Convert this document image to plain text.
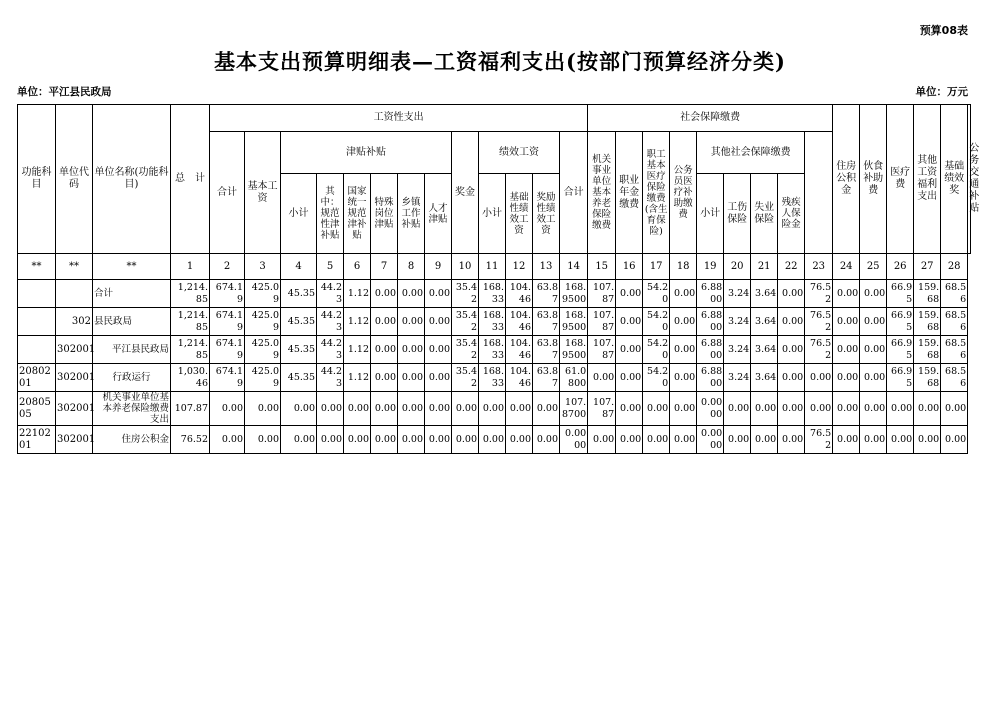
预算08表
基本支出预算明细表—工资福利支出(按部门预算经济分类)
单位：平江县民政局	单位：万元
功能科目	单位代码	单位名称(功能科目)	总　计	工资性支出													社会保障缴费									住房公积金	伙食补助费	医疗费	其他工资福利支出	基础绩效奖	公务交通补贴
				合计	基本工资	津贴补贴						奖金	绩效工资			合计	机关事业单位基本养老保险缴费	职业年金缴费	职工基本医疗保险缴费(含生育保险)	公务员医疗补助缴费	其他社会保障缴费										
						小计	其中：规范性津补贴	国家统一规范津补贴	特殊岗位津贴	乡镇工作补贴	人才津贴		小计	基础性绩效工资	奖励性绩效工资						小计	工伤保险	失业保险	残疾人保险金							

**	**	**	1	2	3	4	5	6	7	8	9	10	11	12	13	14	15	16	17	18	19	20	21	22	23	24	25	26	27	28	
		合计	1,214.85	674.19	425.09	45.35	44.23	1.12	0.00	0.00	0.00	35.42	168.33	104.46	63.87	168.9500	107.87	0.00	54.20	0.00	6.8800	3.24	3.64	0.00	76.52	0.00	0.00	66.95	159.68	68.56	
	302	县民政局	1,214.85	674.19	425.09	45.35	44.23	1.12	0.00	0.00	0.00	35.42	168.33	104.46	63.87	168.9500	107.87	0.00	54.20	0.00	6.8800	3.24	3.64	0.00	76.52	0.00	0.00	66.95	159.68	68.56	
	302001	平江县民政局	1,214.85	674.19	425.09	45.35	44.23	1.12	0.00	0.00	0.00	35.42	168.33	104.46	63.87	168.9500	107.87	0.00	54.20	0.00	6.8800	3.24	3.64	0.00	76.52	0.00	0.00	66.95	159.68	68.56	
2080201	302001	行政运行	1,030.46	674.19	425.09	45.35	44.23	1.12	0.00	0.00	0.00	35.42	168.33	104.46	63.87	61.0800	0.00	0.00	54.20	0.00	6.8800	3.24	3.64	0.00	0.00	0.00	0.00	66.95	159.68	68.56	
2080505	302001	机关事业单位基本养老保险缴费支出	107.87	0.00	0.00	0.00	0.00	0.00	0.00	0.00	0.00	0.00	0.00	0.00	0.00	107.8700	107.87	0.00	0.00	0.00	0.0000	0.00	0.00	0.00	0.00	0.00	0.00	0.00	0.00	0.00	
2210201	302001	住房公积金	76.52	0.00	0.00	0.00	0.00	0.00	0.00	0.00	0.00	0.00	0.00	0.00	0.00	0.0000	0.00	0.00	0.00	0.00	0.0000	0.00	0.00	0.00	76.52	0.00	0.00	0.00	0.00	0.00	
